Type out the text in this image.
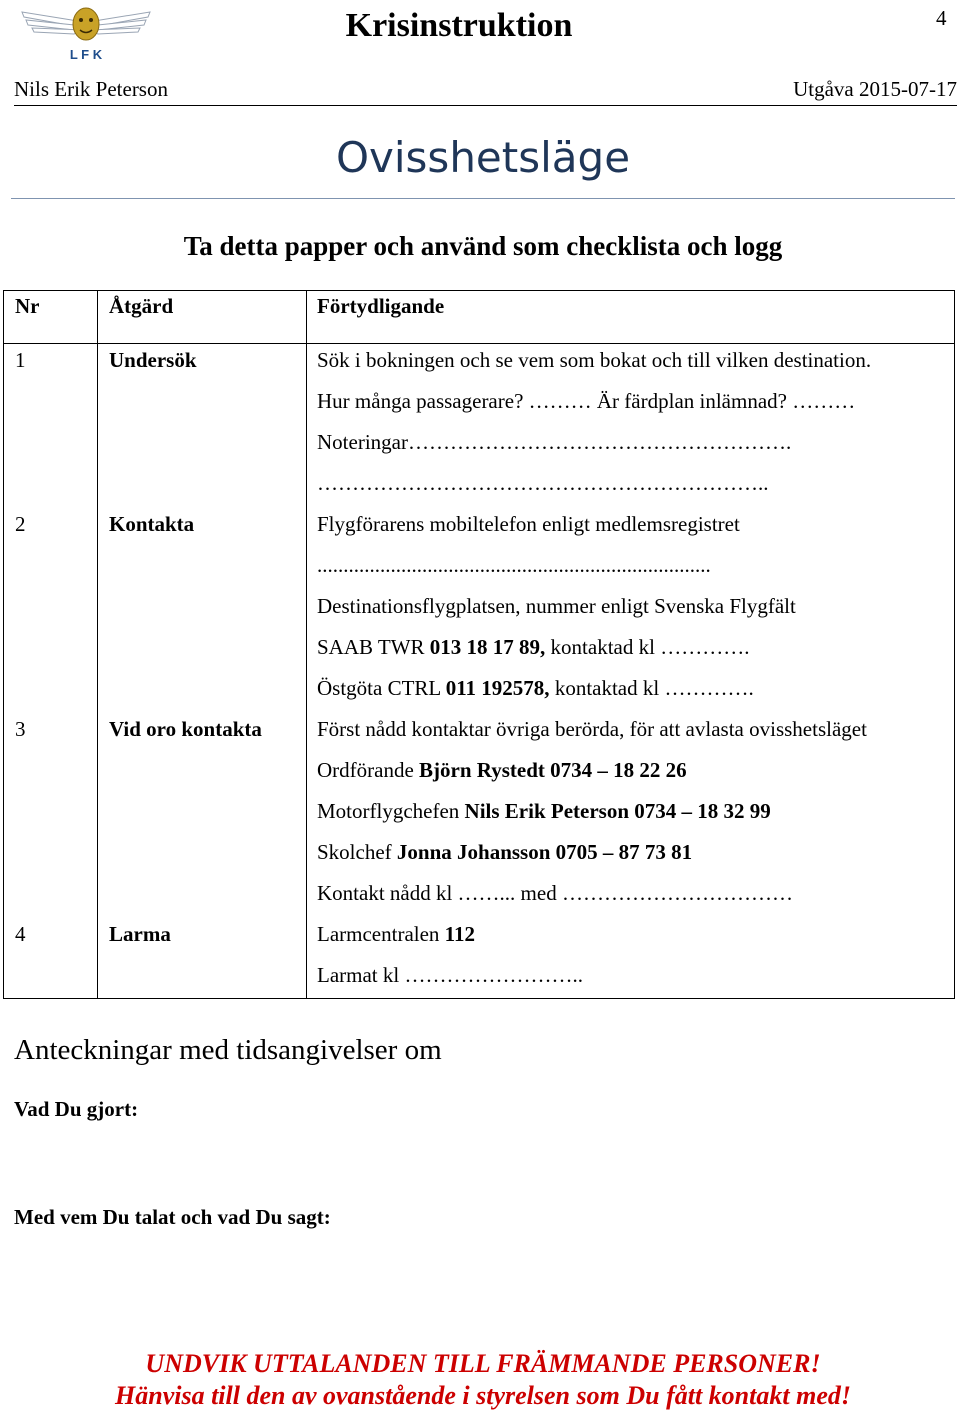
L F K
Krisinstruktion	4
Nils Erik Peterson	Utgåva 2015-07-17
Ovisshetsläge
Ta detta papper och använd som checklista och logg
Nr	Åtgärd	Förtydligande
1	Undersök	Sök i bokningen och se vem som bokat och till vilken destination.
Hur många passagerare? ……… Är färdplan inlämnad? ………
Noteringar……………………………………………….
………………………………………………………..
2	Kontakta	Flygförarens mobiltelefon enligt medlemsregistret
...........................................................................
Destinationsflygplatsen, nummer enligt Svenska Flygfält
SAAB TWR 013 18 17 89, kontaktad kl ………….
Östgöta CTRL 011 192578, kontaktad kl ………….
3	Vid oro kontakta	Först nådd kontaktar övriga berörda, för att avlasta ovisshetsläget
Ordförande Björn Rystedt 0734 – 18 22 26
Motorflygchefen Nils Erik Peterson 0734 – 18 32 99
Skolchef Jonna Johansson 0705 – 87 73 81
Kontakt nådd kl ……... med ……………………………
4	Larma	Larmcentralen 112
Larmat kl ……………………..
Anteckningar med tidsangivelser om
Vad Du gjort:
Med vem Du talat och vad Du sagt:
UNDVIK UTTALANDEN TILL FRÄMMANDE PERSONER!
Hänvisa till den av ovanstående i styrelsen som Du fått kontakt med!
